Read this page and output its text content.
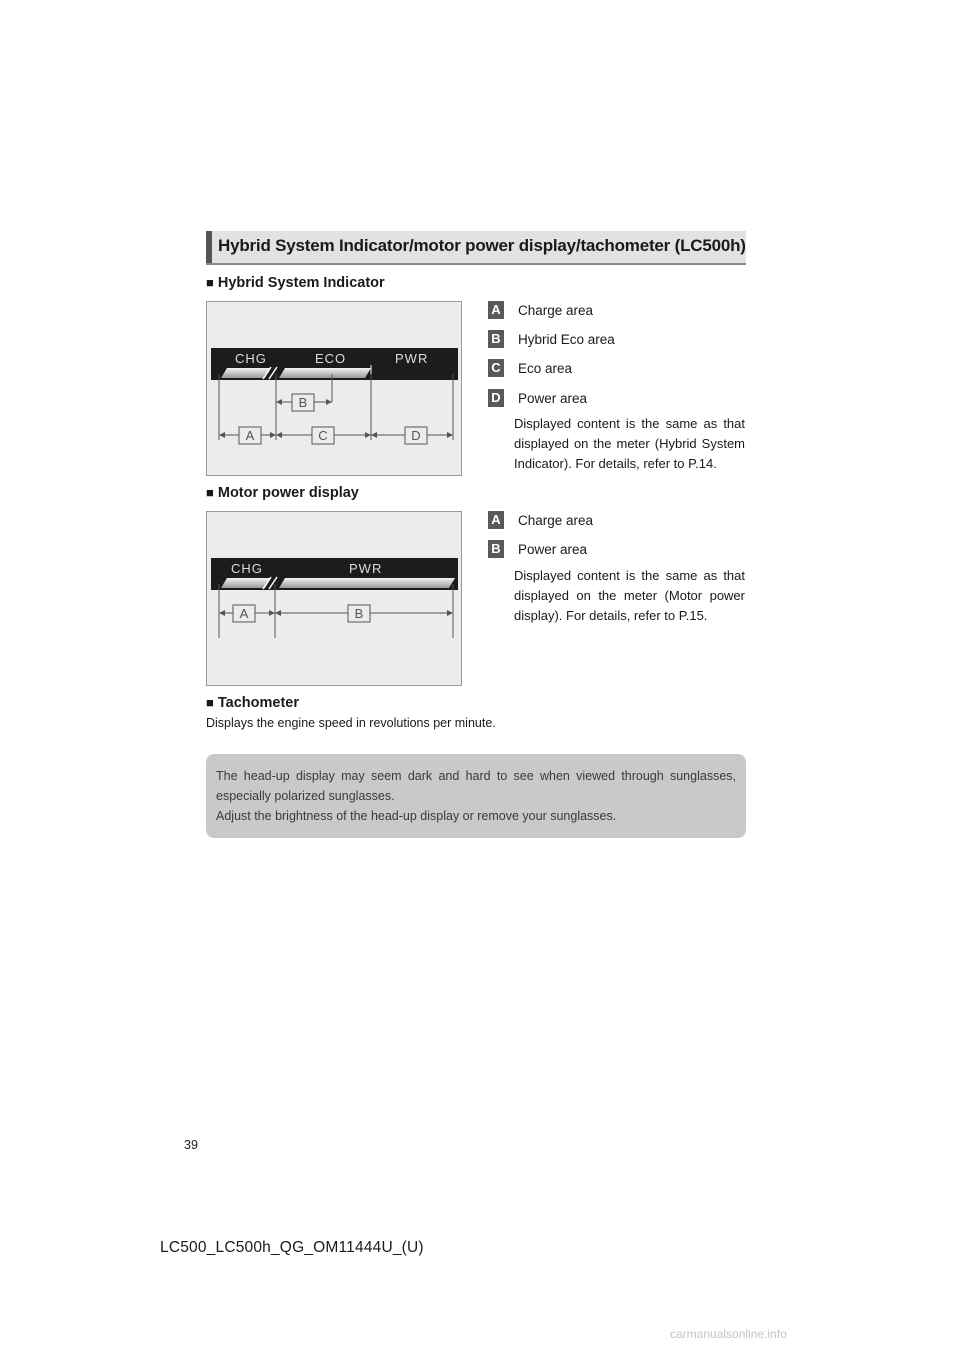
Hybrid System Indicator/motor power display/tachometer (LC500h)
■ Hybrid System Indicator
CHG	ECO	PWR
B
A	C	D
A Charge area
B Hybrid Eco area
C Eco area
D Power area
Displayed content is the same as that displayed on the meter (Hybrid System Indicator). For details, refer to P.14.
■ Motor power display
CHG	PWR
A	B
A Charge area
B Power area
Displayed content is the same as that displayed on the meter (Motor power display). For details, refer to P.15.
■ Tachometer
Displays the engine speed in revolutions per minute.

The head-up display may seem dark and hard to see when viewed through sunglasses, especially polarized sunglasses.

Adjust the brightness of the head-up display or remove your sunglasses.

39
LC500_LC500h_QG_OM11444U_(U)
carmanualsonline.info
